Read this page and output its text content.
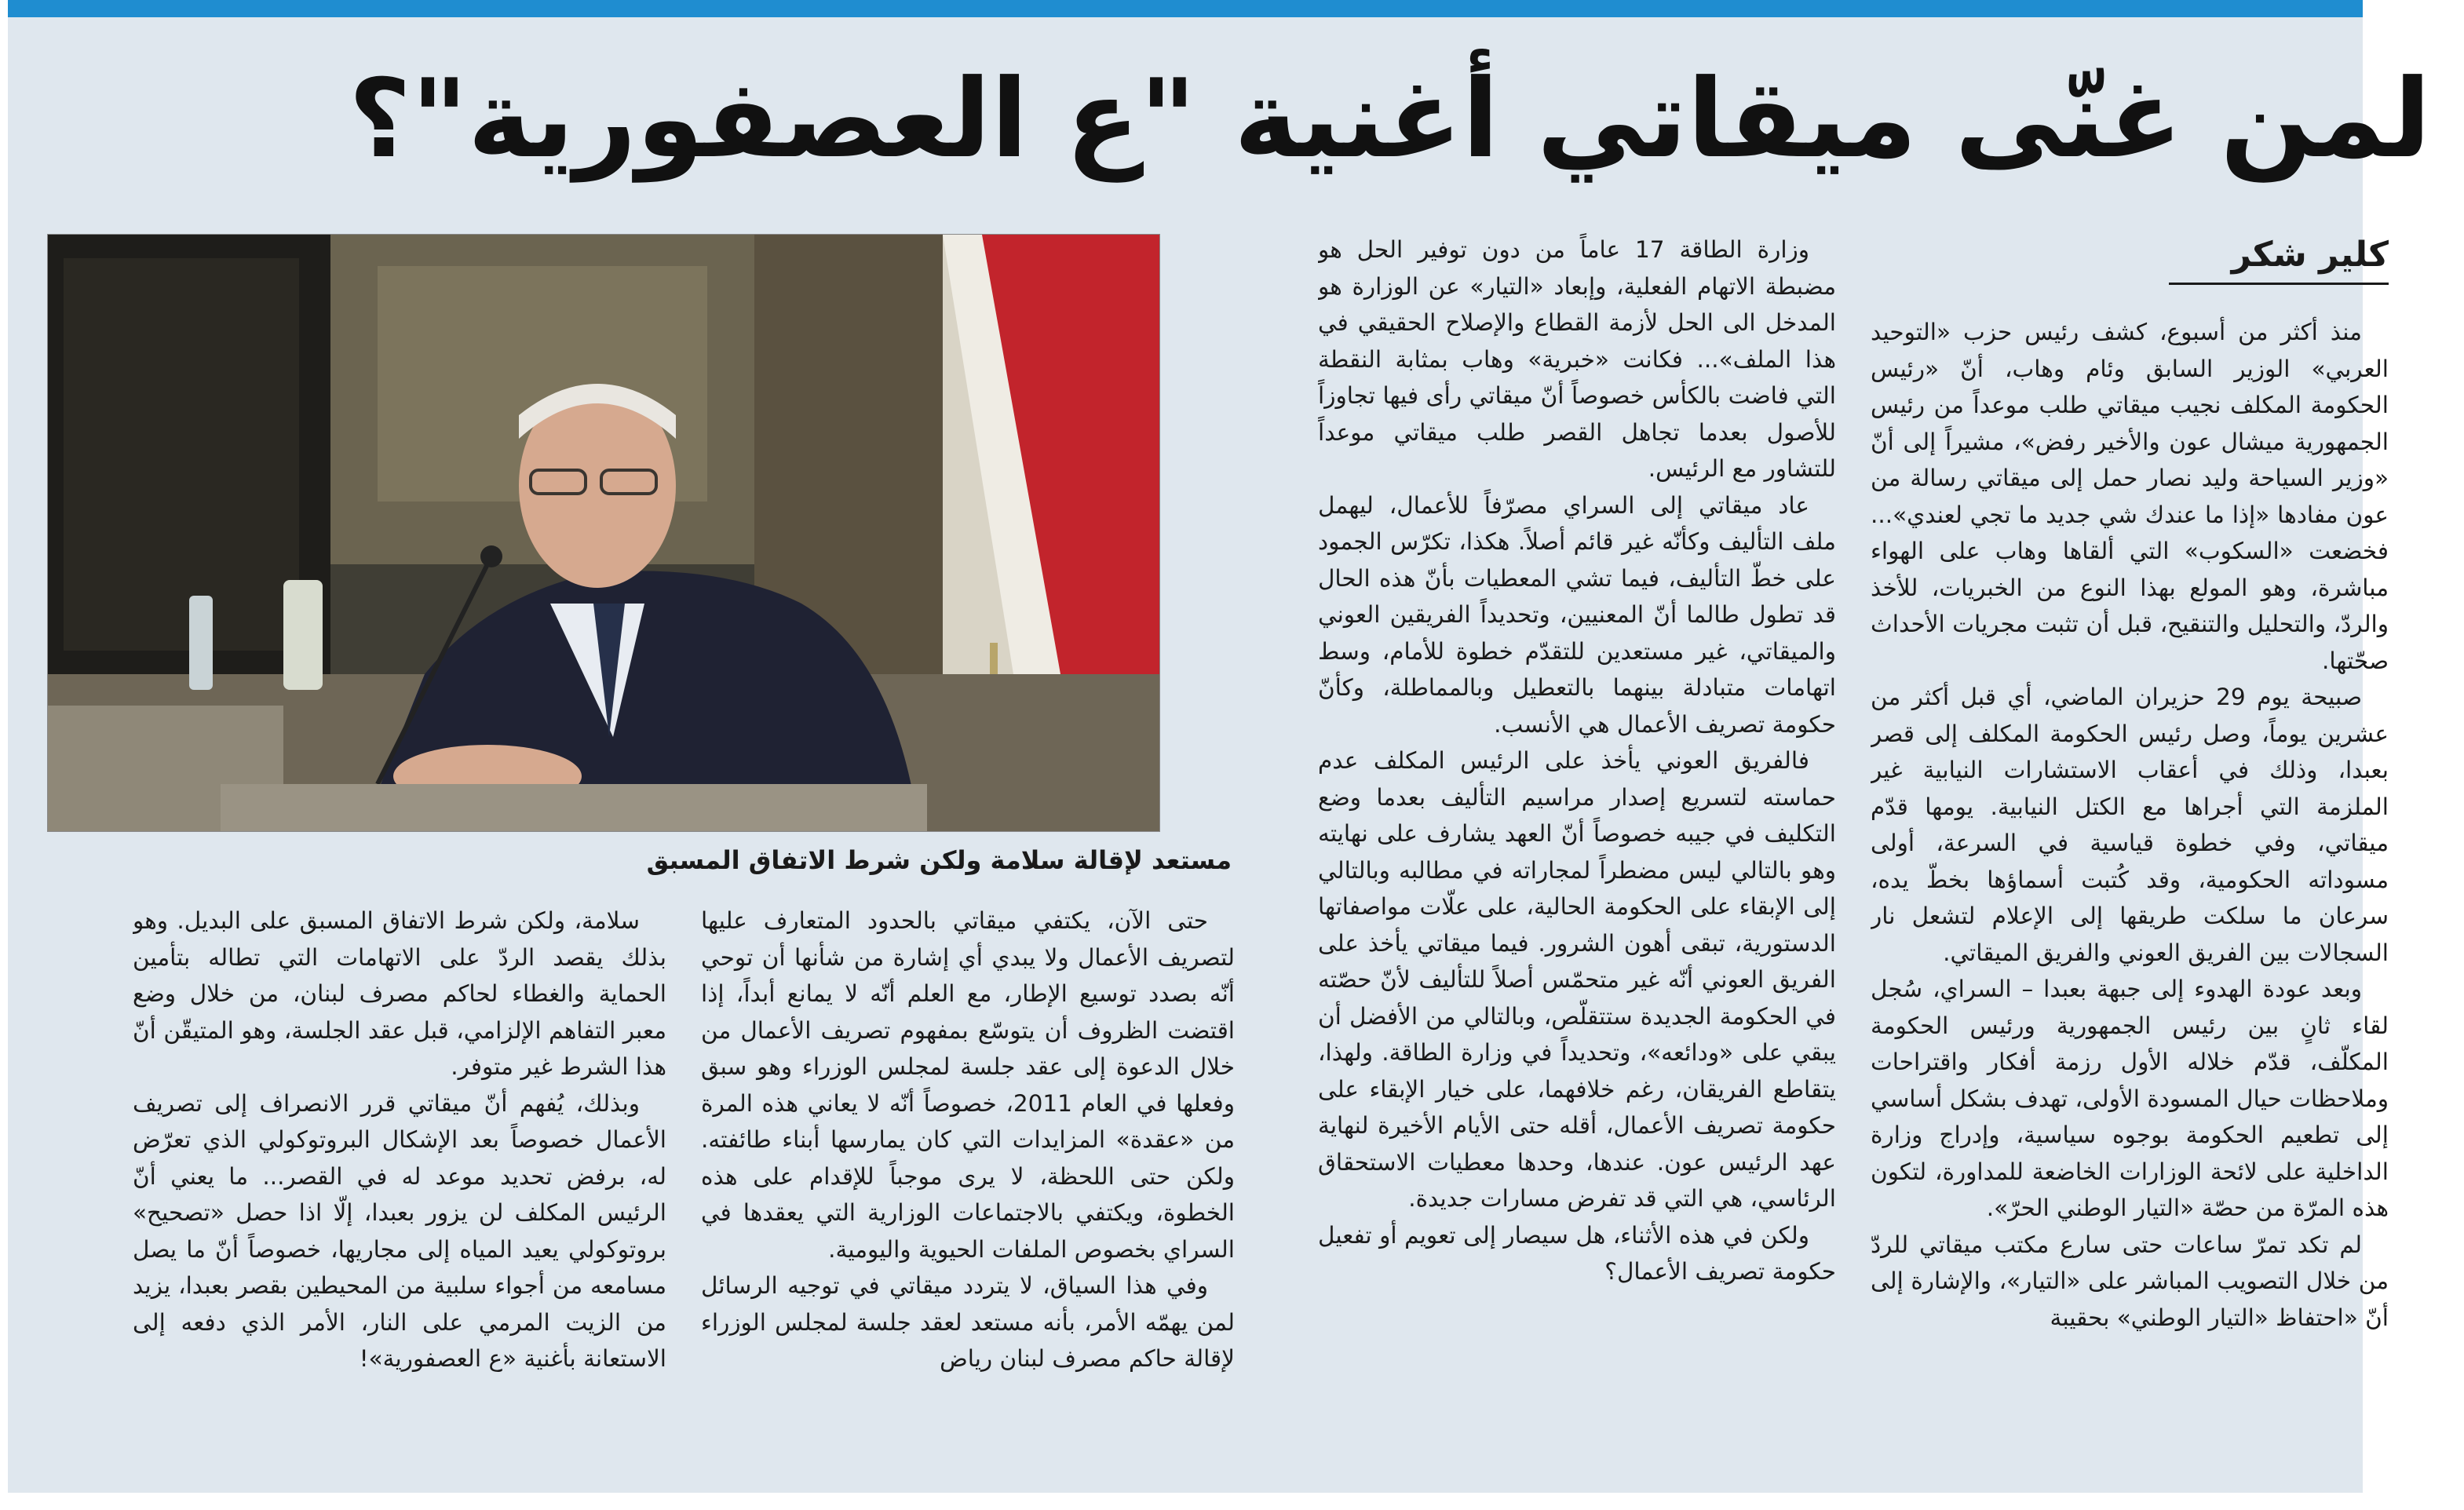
لمن غنّى ميقاتي أغنية "ع العصفورية"؟
كلير شكر

منذ أكثر من أسبوع، كشف رئيس حزب «التوحيد العربي» الوزير السابق وئام وهاب، أنّ «رئيس الحكومة المكلف نجيب ميقاتي طلب موعداً من رئيس الجمهورية ميشال عون والأخير رفض»، مشيراً إلى أنّ «وزير السياحة وليد نصار حمل إلى ميقاتي رسالة من عون مفادها «إذا ما عندك شي جديد ما تجي لعندي»... فخضعت «السكوب» التي ألقاها وهاب على الهواء مباشرة، وهو المولع بهذا النوع من الخبريات، للأخذ والردّ، والتحليل والتنقيح، قبل أن تثبت مجريات الأحداث صحّتها.

صبيحة يوم 29 حزيران الماضي، أي قبل أكثر من عشرين يوماً، وصل رئيس الحكومة المكلف إلى قصر بعبدا، وذلك في أعقاب الاستشارات النيابية غير الملزمة التي أجراها مع الكتل النيابية. يومها قدّم ميقاتي، وفي خطوة قياسية في السرعة، أولى مسوداته الحكومية، وقد كُتبت أسماؤها بخطّ يده، سرعان ما سلكت طريقها إلى الإعلام لتشعل نار السجالات بين الفريق العوني والفريق الميقاتي.

وبعد عودة الهدوء إلى جبهة بعبدا – السراي، سُجل لقاء ثانٍ بين رئيس الجمهورية ورئيس الحكومة المكلّف، قدّم خلاله الأول رزمة أفكار واقتراحات وملاحظات حيال المسودة الأولى، تهدف بشكل أساسي إلى تطعيم الحكومة بوجوه سياسية، وإدراج وزارة الداخلية على لائحة الوزارات الخاضعة للمداورة، لتكون هذه المرّة من حصّة «التيار الوطني الحرّ».

لم تكد تمرّ ساعات حتى سارع مكتب ميقاتي للردّ من خلال التصويب المباشر على «التيار»، والإشارة إلى أنّ «احتفاظ «التيار الوطني» بحقيبة

وزارة الطاقة 17 عاماً من دون توفير الحل هو مضبطة الاتهام الفعلية، وإبعاد «التيار» عن الوزارة هو المدخل الى الحل لأزمة القطاع والإصلاح الحقيقي في هذا الملف»... فكانت «خبرية» وهاب بمثابة النقطة التي فاضت بالكأس خصوصاً أنّ ميقاتي رأى فيها تجاوزاً للأصول بعدما تجاهل القصر طلب ميقاتي موعداً للتشاور مع الرئيس.

عاد ميقاتي إلى السراي مصرّفاً للأعمال، ليهمل ملف التأليف وكأنّه غير قائم أصلاً. هكذا، تكرّس الجمود على خطّ التأليف، فيما تشي المعطيات بأنّ هذه الحال قد تطول طالما أنّ المعنيين، وتحديداً الفريقين العوني والميقاتي، غير مستعدين للتقدّم خطوة للأمام، وسط اتهامات متبادلة بينهما بالتعطيل وبالمماطلة، وكأنّ حكومة تصريف الأعمال هي الأنسب.

فالفريق العوني يأخذ على الرئيس المكلف عدم حماسته لتسريع إصدار مراسيم التأليف بعدما وضع التكليف في جيبه خصوصاً أنّ العهد يشارف على نهايته وهو بالتالي ليس مضطراً لمجاراته في مطالبه وبالتالي إلى الإبقاء على الحكومة الحالية، على علّات مواصفاتها الدستورية، تبقى أهون الشرور. فيما ميقاتي يأخذ على الفريق العوني أنّه غير متحمّس أصلاً للتأليف لأنّ حصّته في الحكومة الجديدة ستتقلّص، وبالتالي من الأفضل أن يبقي على «ودائعه»، وتحديداً في وزارة الطاقة. ولهذا، يتقاطع الفريقان، رغم خلافهما، على خيار الإبقاء على حكومة تصريف الأعمال، أقله حتى الأيام الأخيرة لنهاية عهد الرئيس عون. عندها، وحدها معطيات الاستحقاق الرئاسي، هي التي قد تفرض مسارات جديدة.

ولكن في هذه الأثناء، هل سيصار إلى تعويم أو تفعيل حكومة تصريف الأعمال؟

مستعد لإقالة سلامة ولكن شرط الاتفاق المسبق

حتى الآن، يكتفي ميقاتي بالحدود المتعارف عليها لتصريف الأعمال ولا يبدي أي إشارة من شأنها أن توحي أنّه بصدد توسيع الإطار، مع العلم أنّه لا يمانع أبداً، إذا اقتضت الظروف أن يتوسّع بمفهوم تصريف الأعمال من خلال الدعوة إلى عقد جلسة لمجلس الوزراء وهو سبق وفعلها في العام 2011، خصوصاً أنّه لا يعاني هذه المرة من «عقدة» المزايدات التي كان يمارسها أبناء طائفته. ولكن حتى اللحظة، لا يرى موجباً للإقدام على هذه الخطوة، ويكتفي بالاجتماعات الوزارية التي يعقدها في السراي بخصوص الملفات الحيوية واليومية.

وفي هذا السياق، لا يتردد ميقاتي في توجيه الرسائل لمن يهمّه الأمر، بأنه مستعد لعقد جلسة لمجلس الوزراء لإقالة حاكم مصرف لبنان رياض

سلامة، ولكن شرط الاتفاق المسبق على البديل. وهو بذلك يقصد الردّ على الاتهامات التي تطاله بتأمين الحماية والغطاء لحاكم مصرف لبنان، من خلال وضع معبر التفاهم الإلزامي، قبل عقد الجلسة، وهو المتيقّن أنّ هذا الشرط غير متوفر.

وبذلك، يُفهم أنّ ميقاتي قرر الانصراف إلى تصريف الأعمال خصوصاً بعد الإشكال البروتوكولي الذي تعرّض له، برفض تحديد موعد له في القصر... ما يعني أنّ الرئيس المكلف لن يزور بعبدا، إلّا اذا حصل «تصحيح» بروتوكولي يعيد المياه إلى مجاريها، خصوصاً أنّ ما يصل مسامعه من أجواء سلبية من المحيطين بقصر بعبدا، يزيد من الزيت المرمي على النار، الأمر الذي دفعه إلى الاستعانة بأغنية «ع العصفورية»!
